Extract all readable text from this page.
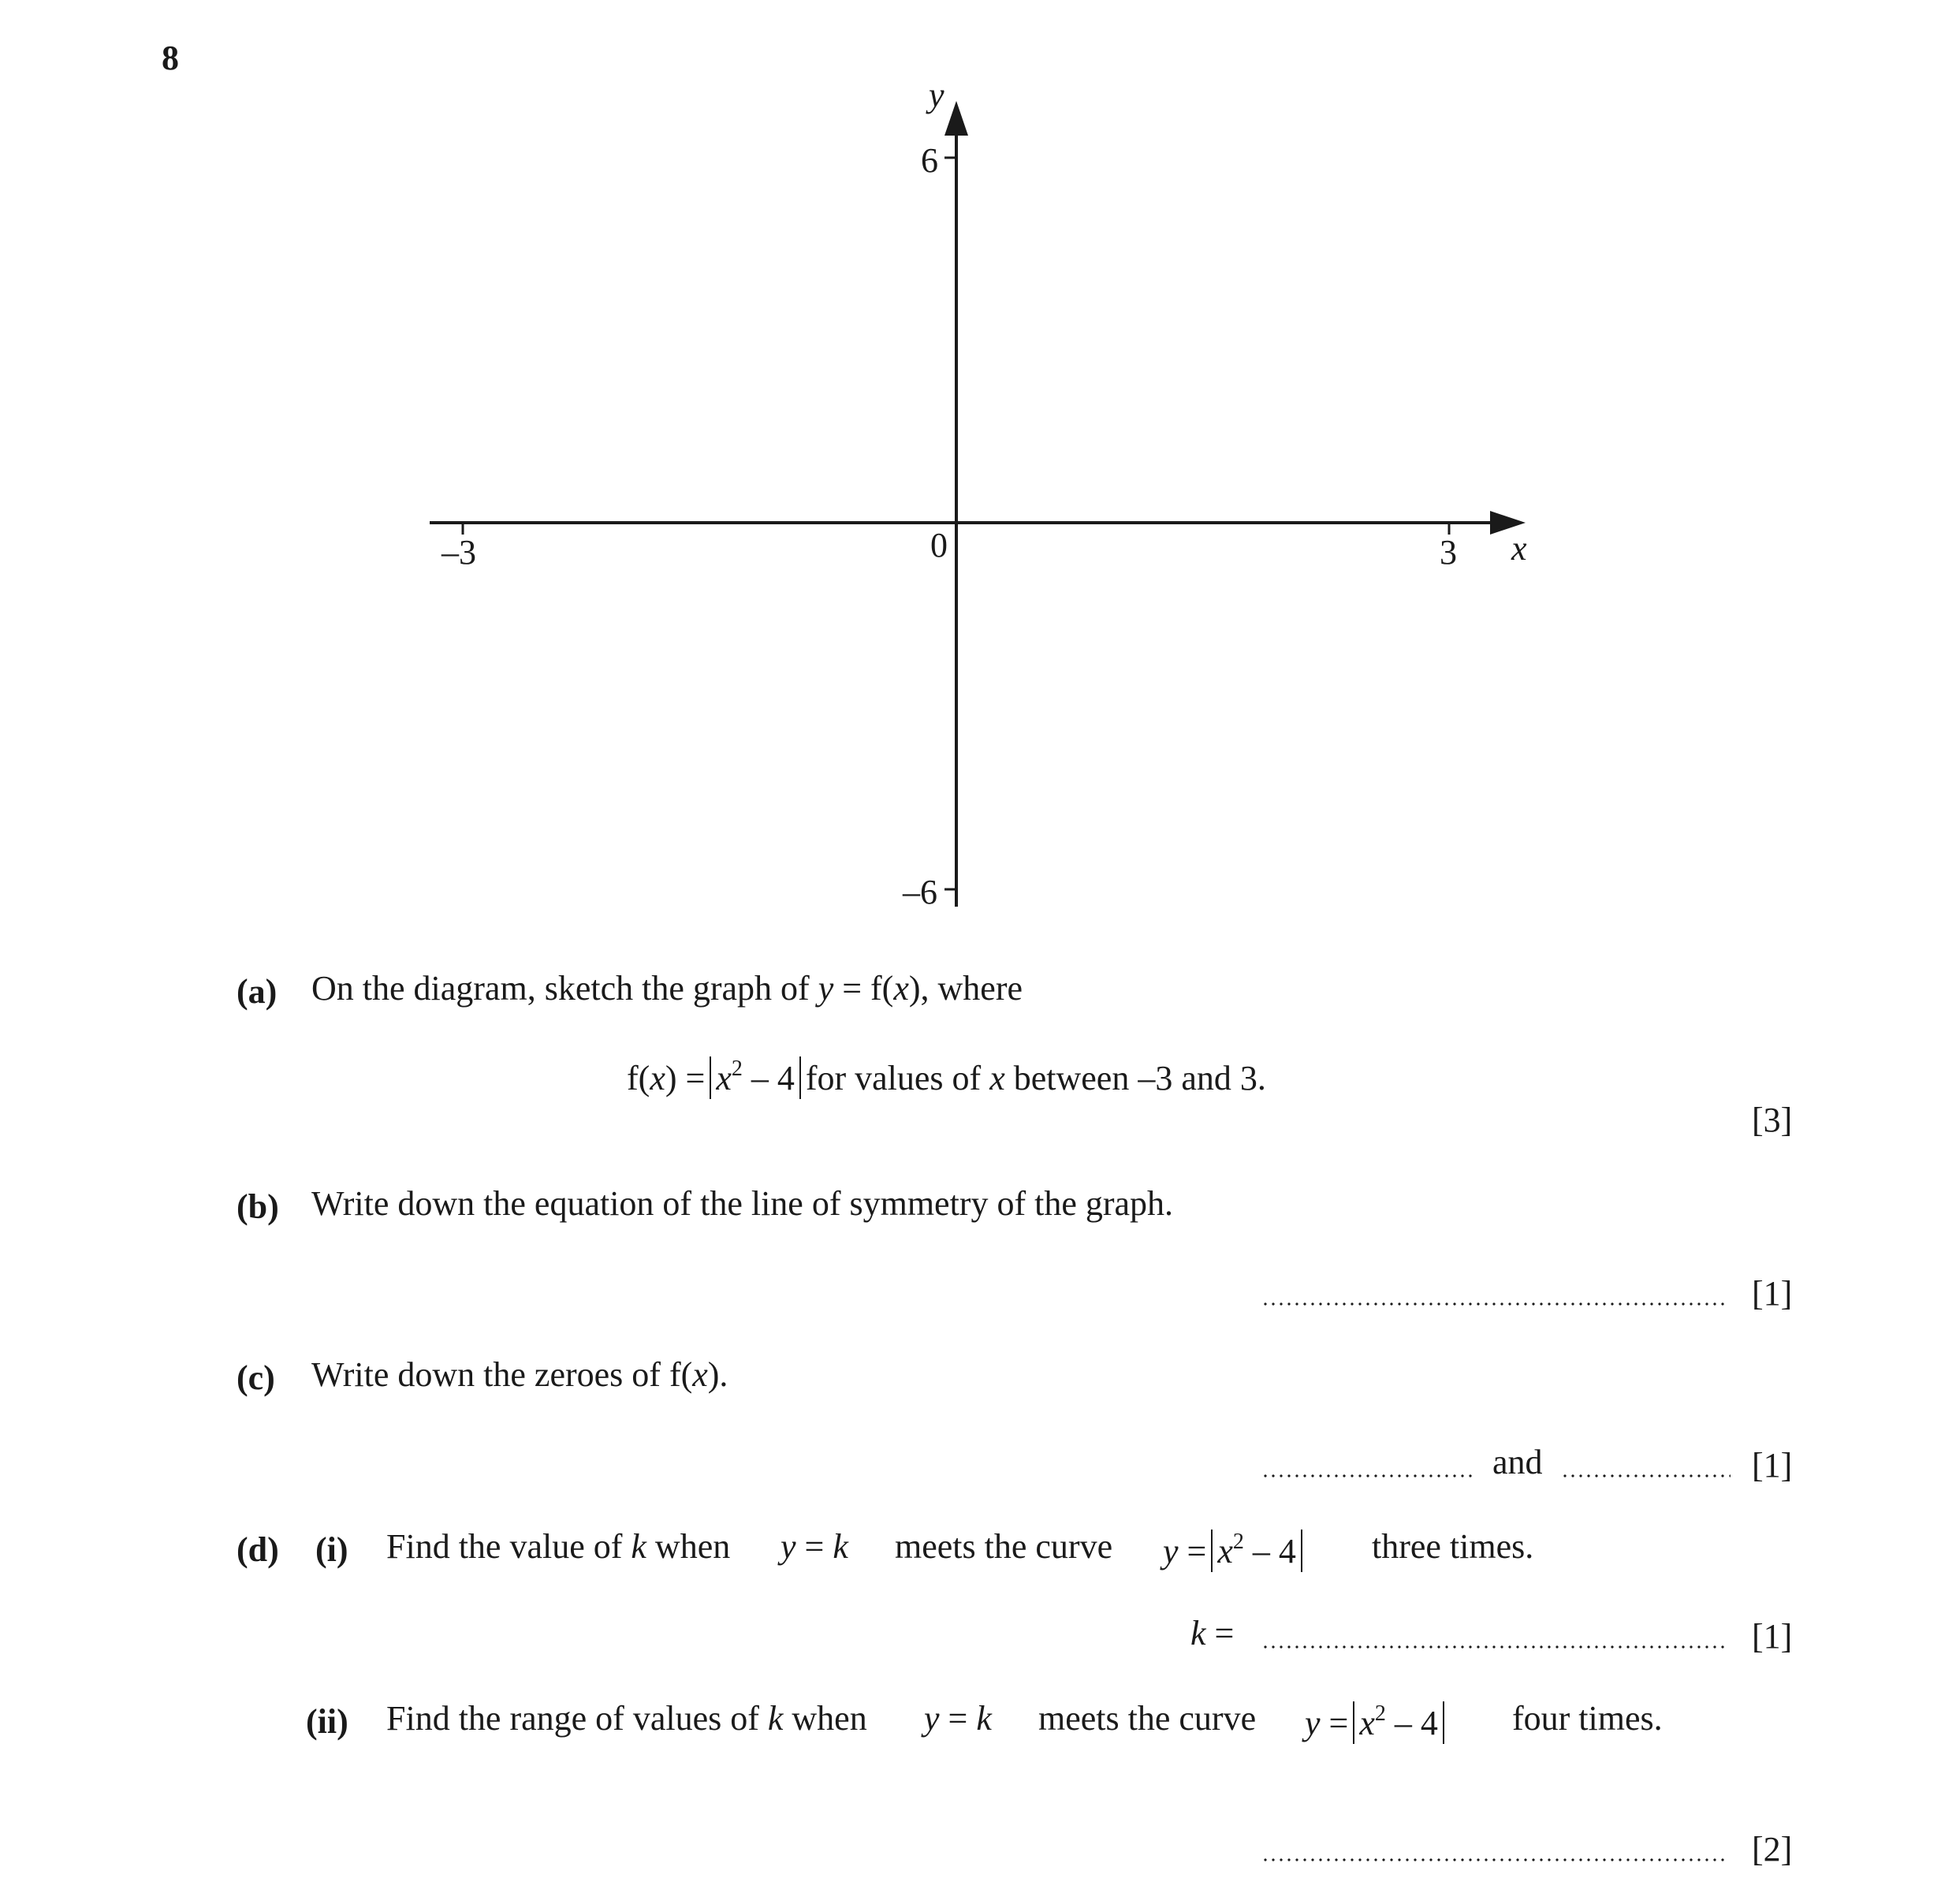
8
y
x
6
–6
–3	3
0
(a) On the diagram, sketch the graph of y = f(x), where
$f(x) = x^2 - 4$ for values of x between –3 and 3.
[3]
(b) Write down the equation of the line of symmetry of the graph.
[1]
(c) Write down the zeroes of f(x).
and	[1]
(d) (i) Find the value of k when y = k meets the curve $y = x^2 - 4$	three times.
k =	[1]
(ii) Find the range of values of k when y = k meets the curve $y = x^2 - 4$	four times.
[2]
